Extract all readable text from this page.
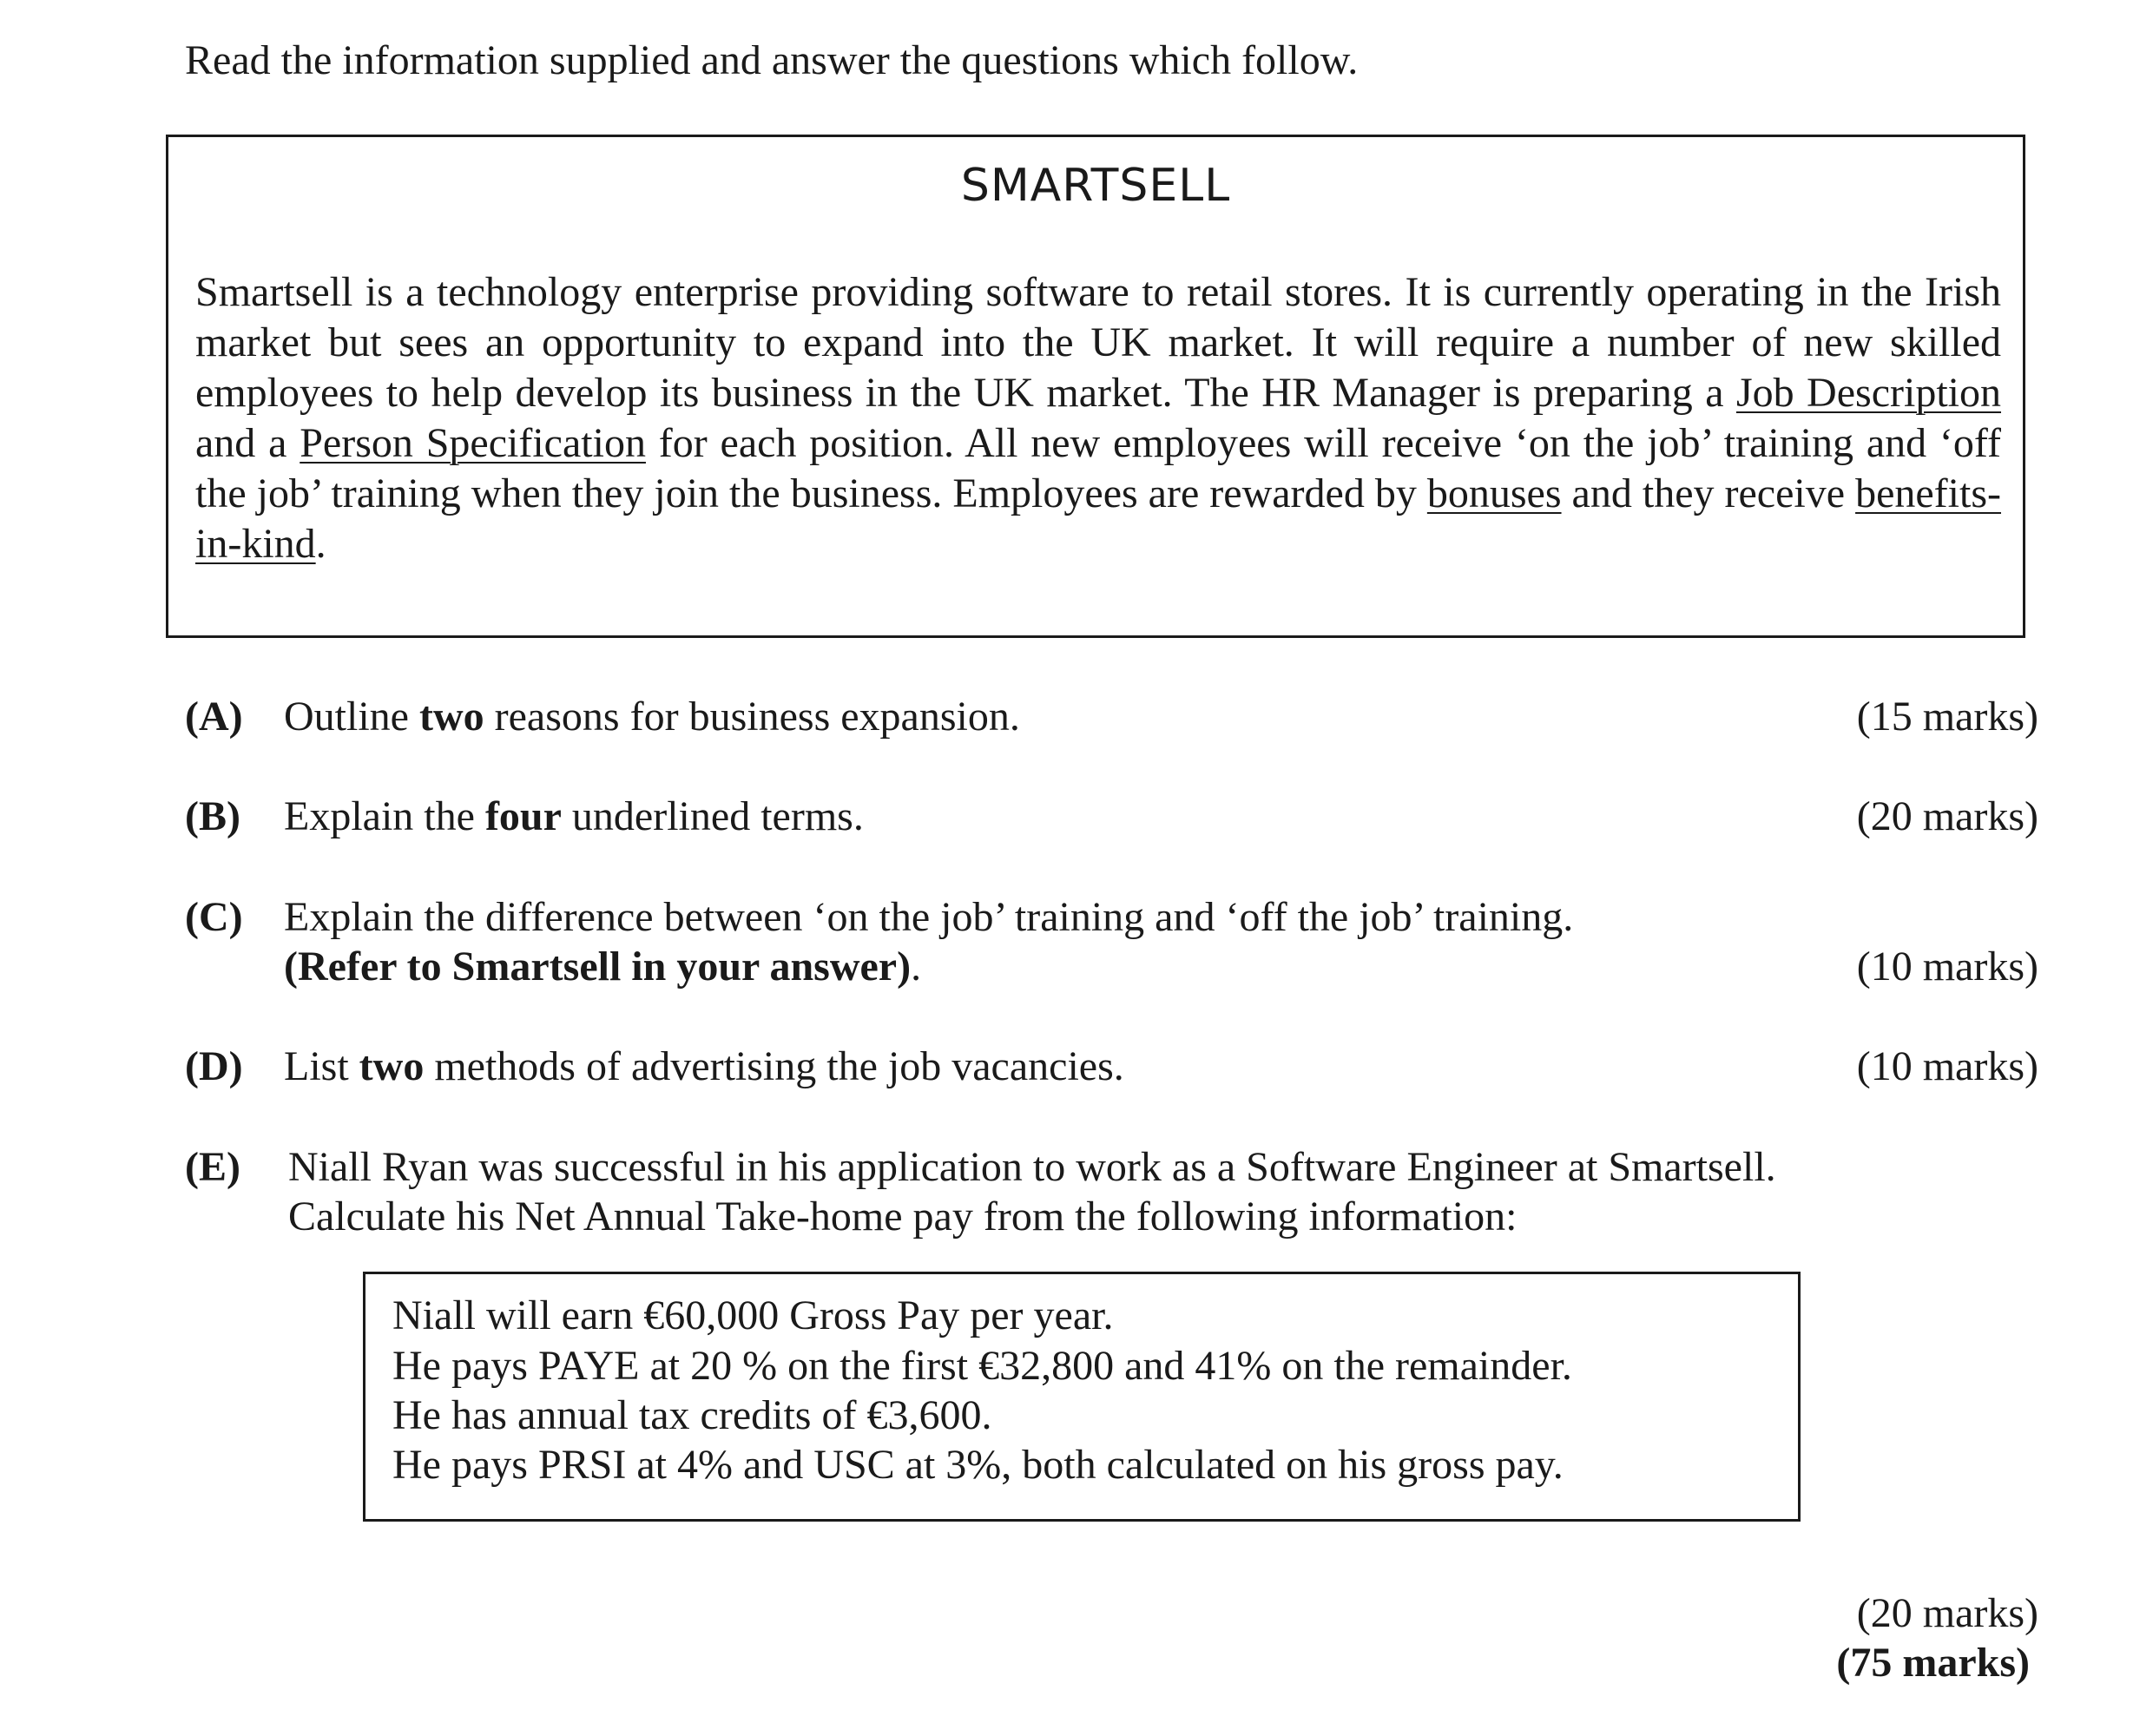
Read the information supplied and answer the questions which follow.
SMARTSELL
Smartsell is a technology enterprise providing software to retail stores. It is currently operating in the Irish market but sees an opportunity to expand into the UK market. It will require a number of new skilled employees to help develop its business in the UK market. The HR Manager is preparing a Job Description and a Person Specification for each position. All new employees will receive ‘on the job’ training and ‘off the job’ training when they join the business. Employees are rewarded by bonuses and they receive benefits-in-kind.
(A) Outline two reasons for business expansion.	(15 marks)
(B) Explain the four underlined terms.	(20 marks)
(C) Explain the difference between ‘on the job’ training and ‘off the job’ training.
(Refer to Smartsell in your answer).	(10 marks)
(D) List two methods of advertising the job vacancies.	(10 marks)
(E) Niall Ryan was successful in his application to work as a Software Engineer at Smartsell.
Calculate his Net Annual Take-home pay from the following information:
Niall will earn €60,000 Gross Pay per year.
He pays PAYE at 20 % on the first €32,800 and 41% on the remainder.
He has annual tax credits of €3,600.
He pays PRSI at 4% and USC at 3%, both calculated on his gross pay.
(20 marks)
(75 marks)
